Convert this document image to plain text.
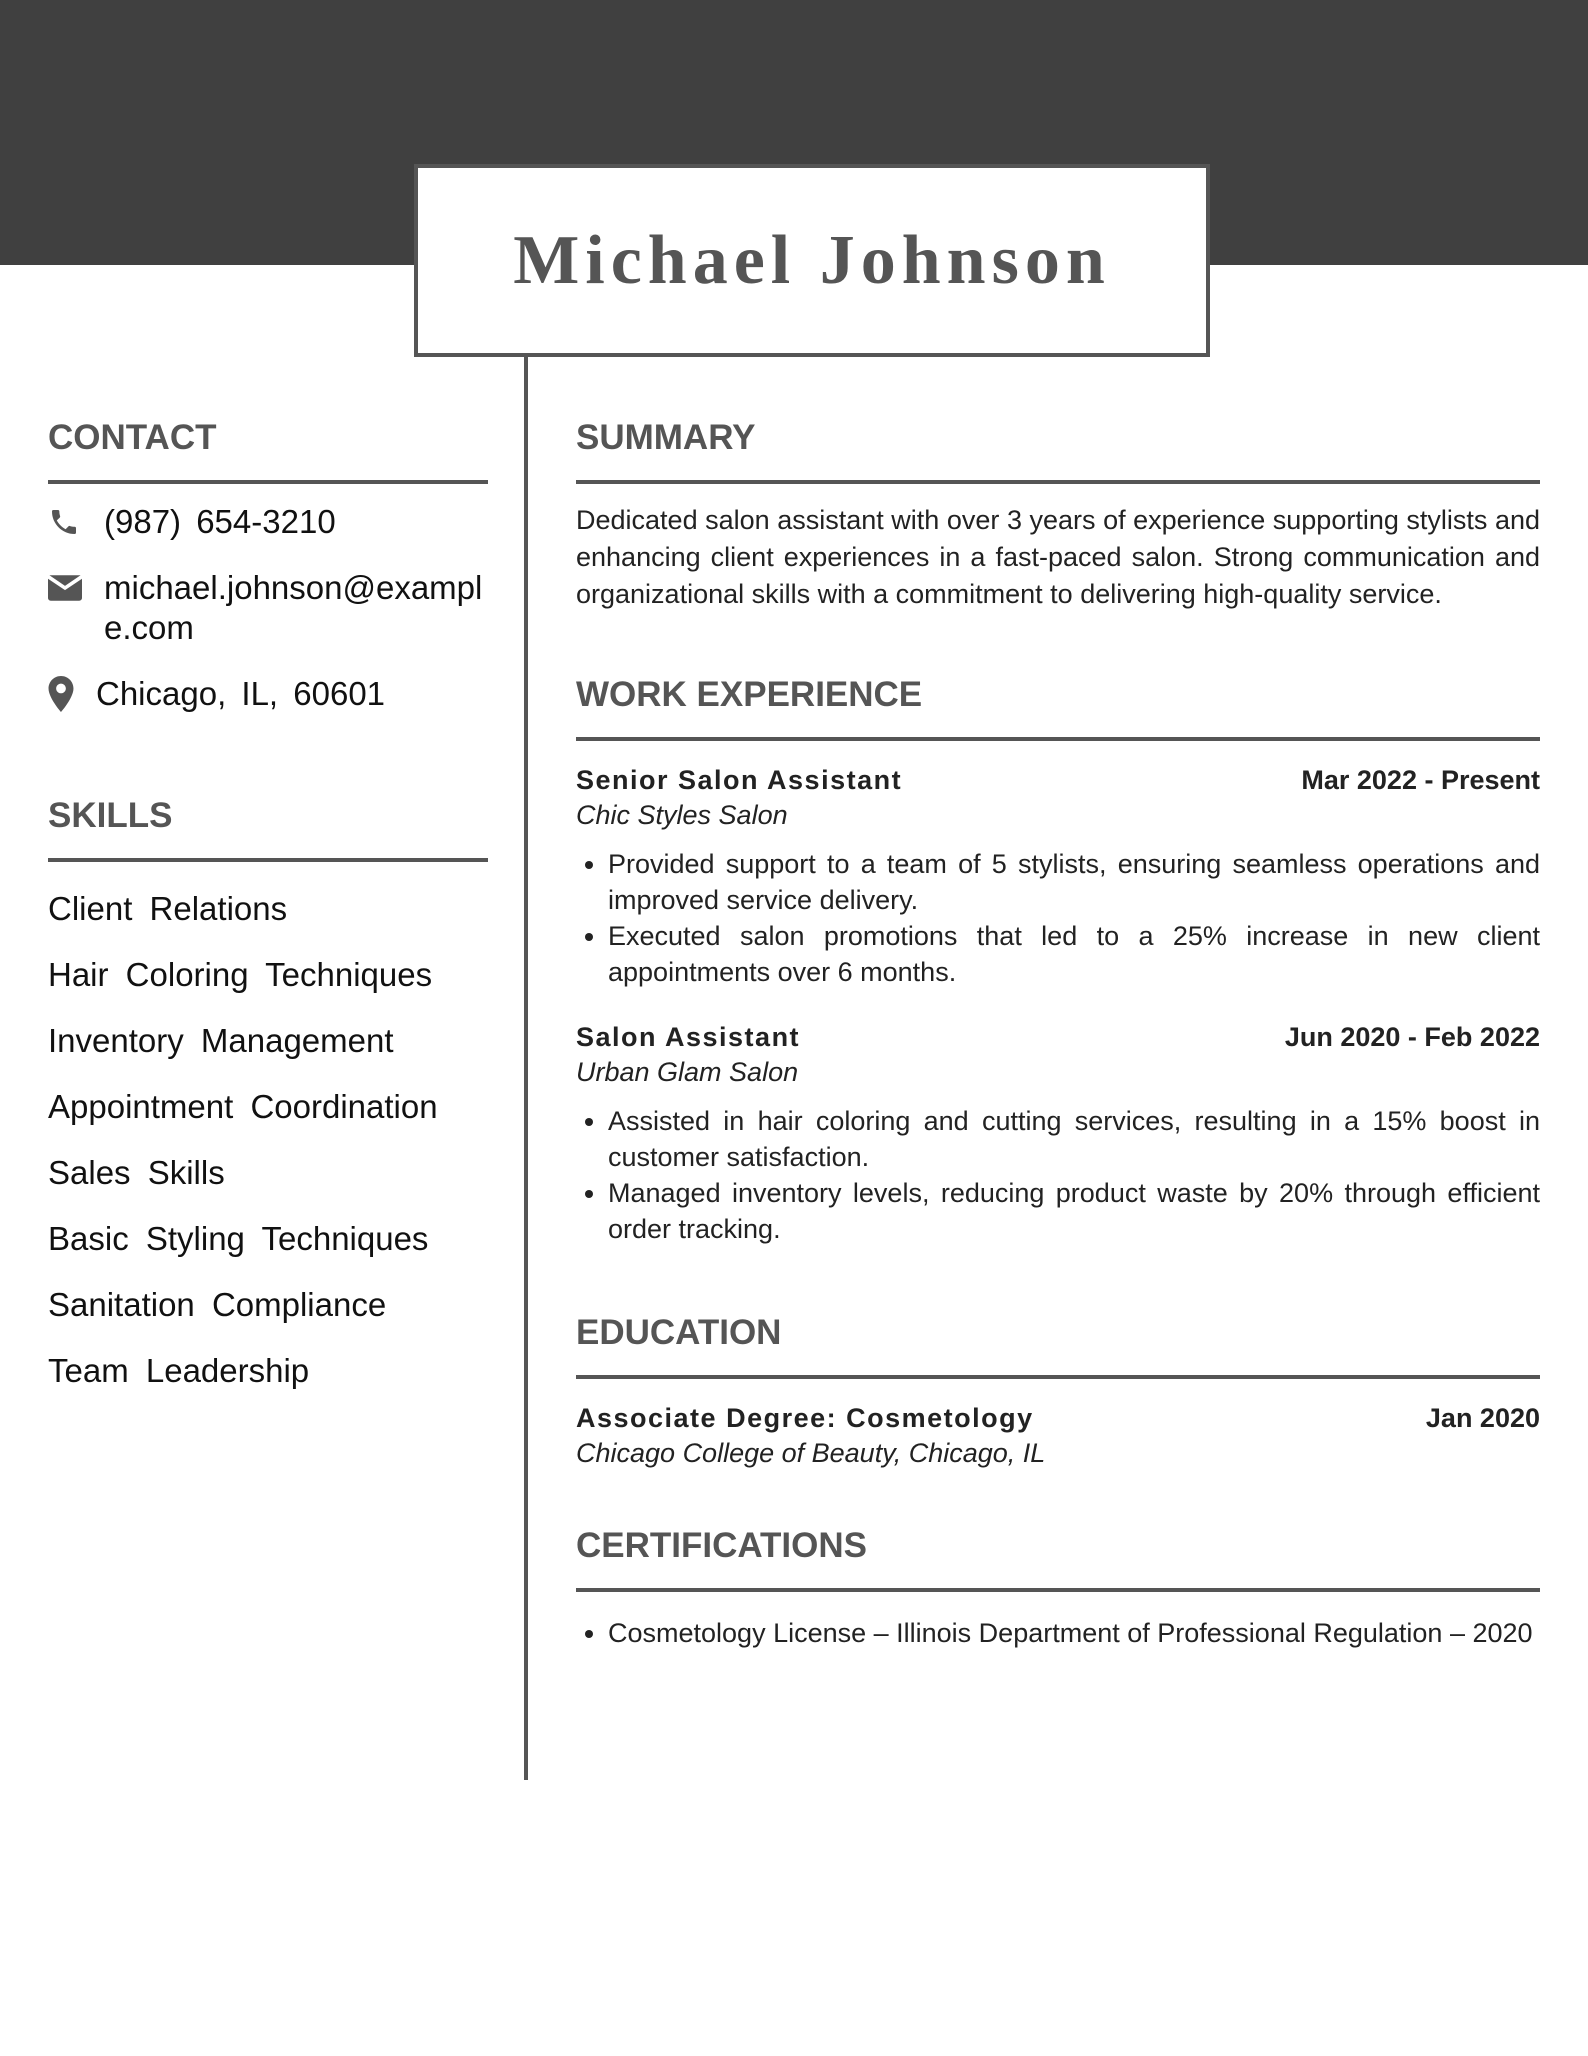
Michael Johnson
CONTACT
(987) 654-3210
michael.johnson@example.com
Chicago, IL, 60601
SKILLS
Client Relations
Hair Coloring Techniques
Inventory Management
Appointment Coordination
Sales Skills
Basic Styling Techniques
Sanitation Compliance
Team Leadership
SUMMARY

Dedicated salon assistant with over 3 years of experience supporting stylists and enhancing client experiences in a fast-paced salon. Strong communication and organizational skills with a commitment to delivering high-quality service.

WORK EXPERIENCE
Senior Salon Assistant	Mar 2022 - Present
Chic Styles Salon
• Provided support to a team of 5 stylists, ensuring seamless operations and improved service delivery.
• Executed salon promotions that led to a 25% increase in new client appointments over 6 months.
Salon Assistant	Jun 2020 - Feb 2022
Urban Glam Salon
• Assisted in hair coloring and cutting services, resulting in a 15% boost in customer satisfaction.
• Managed inventory levels, reducing product waste by 20% through efficient order tracking.
EDUCATION
Associate Degree: Cosmetology	Jan 2020
Chicago College of Beauty, Chicago, IL
CERTIFICATIONS
• Cosmetology License – Illinois Department of Professional Regulation – 2020
